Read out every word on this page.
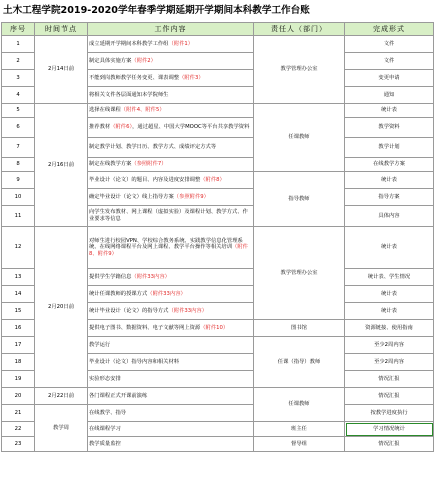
土木工程学院2019-2020学年春季学期延期开学期间本科教学工作台账
序号	时间节点	工作内容	责任人（部门）	完成形式
1	2月14日前	成立延期开学期间本科教学工作组（附件1）	教学管理办公室	文件
2		制定具体实施方案（附件2）		文件
3		不能到岗教师教学任务变更、课表调整（附件3）		变更申请
4		将相关文件各层面通知本学院师生		通知
5	2月16日前	选择在线课程（附件4、附件5）	任课教师	统计表
6		推荐教材（附件6），通过超星、中国大学MOOC等平台共享教学资料		教学资料
7		制定教学计划、教学日历、教学方式、成绩评定方式等		教学计划
8		制定在线教学方案（参照附件7）		在线教学方案
9		毕业设计（论文）的题目、内容及进度安排调整（附件8）	指导教师	统计表
10		确定毕业设计（论文）线上指导方案（参照附件9）		指导方案
11		向学生发布教材、网上课程（虚拟实验）及课程计划、教学方式、作业要求等信息		具体内容
12	2月20日前	对师生进行校园VPN、学校综合教务系统、实践教学信息化管理系统、在线网络课程平台及网上课程、教学平台操作等相关培训（附件8、附件9）	教学管理办公室	统计表
13		提供学生学籍信息（附件33内容）		统计表、学生情况
14		统计任课教师的授课方式（附件33内容）		统计表
15		统计毕业设计（论文）的指导方式（附件33内容）		统计表
16		提供电子图书、数据资料、电子文献等网上资源（附件10）	图书馆	资源链接、使用指南
17		教学运行	任课（指导）教师	至少2周内容
18		毕业设计（论文）指导内容和相关材料		至少2周内容
19		实验形态安排		情况汇报
20	2月22日前	各门课程正式开课前演练	任课教师	情况汇报
21	教学周	在线教学、指导		按教学进度执行
22		在线课程学习	班主任	学习情况统计
23		教学质量监控	督导组	情况汇报
